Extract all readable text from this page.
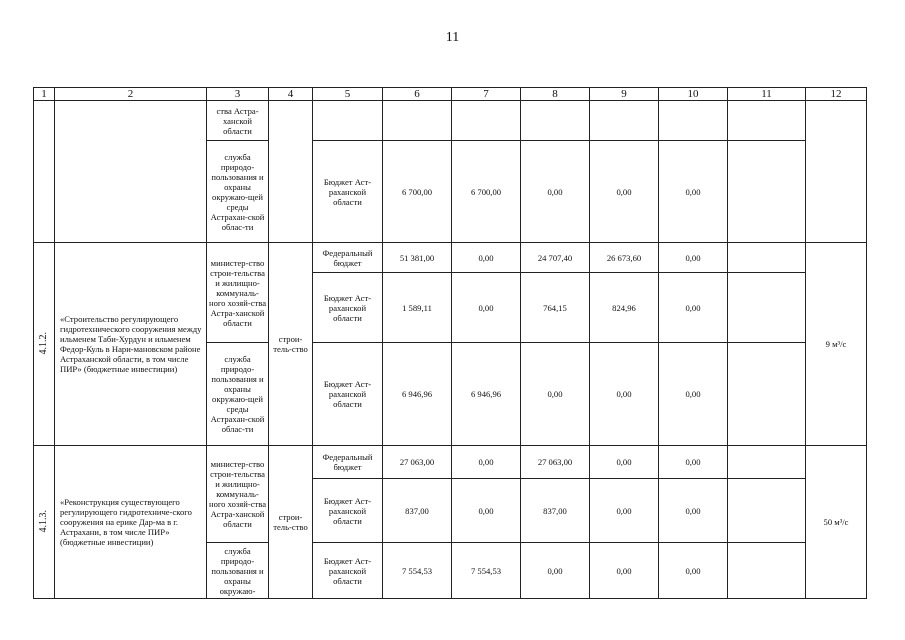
11
1	2	3	4	5	6	7	8	9	10	11	12
		ства Астра-ханской области									
		служба природо-пользования и охраны окружаю-щей среды Астрахан-ской облас-ти		Бюджет Аст-раханской области	6 700,00	6 700,00	0,00	0,00	0,00		
4.1.2.	«Строительство регулирующего гидротехнического сооружения между ильменем Таби-Хурдун и ильменем Федор-Куль в Нари-мановском районе Астраханской области, в том числе ПИР» (бюджетные инвестиции)	министер-ство строи-тельства и жилищно-коммуналь-ного хозяй-ства Астра-ханской области	строи-тель-ство	Федеральный бюджет	51 381,00	0,00	24 707,40	26 673,60	0,00		9 м³/с
				Бюджет Аст-раханской области	1 589,11	0,00	764,15	824,96	0,00		
		служба природо-пользования и охраны окружаю-щей среды Астрахан-ской облас-ти		Бюджет Аст-раханской области	6 946,96	6 946,96	0,00	0,00	0,00		
4.1.3.	«Реконструкция существующего регулирующего гидротехниче-ского сооружения на ерике Дар-ма в г. Астрахани, в том числе ПИР» (бюджетные инвестиции)	министер-ство строи-тельства и жилищно-коммуналь-ного хозяй-ства Астра-ханской области	строи-тель-ство	Федеральный бюджет	27 063,00	0,00	27 063,00	0,00	0,00		50 м³/с
				Бюджет Аст-раханской области	837,00	0,00	837,00	0,00	0,00		
		служба природо-пользования и охраны окружаю-		Бюджет Аст-раханской области	7 554,53	7 554,53	0,00	0,00	0,00		
